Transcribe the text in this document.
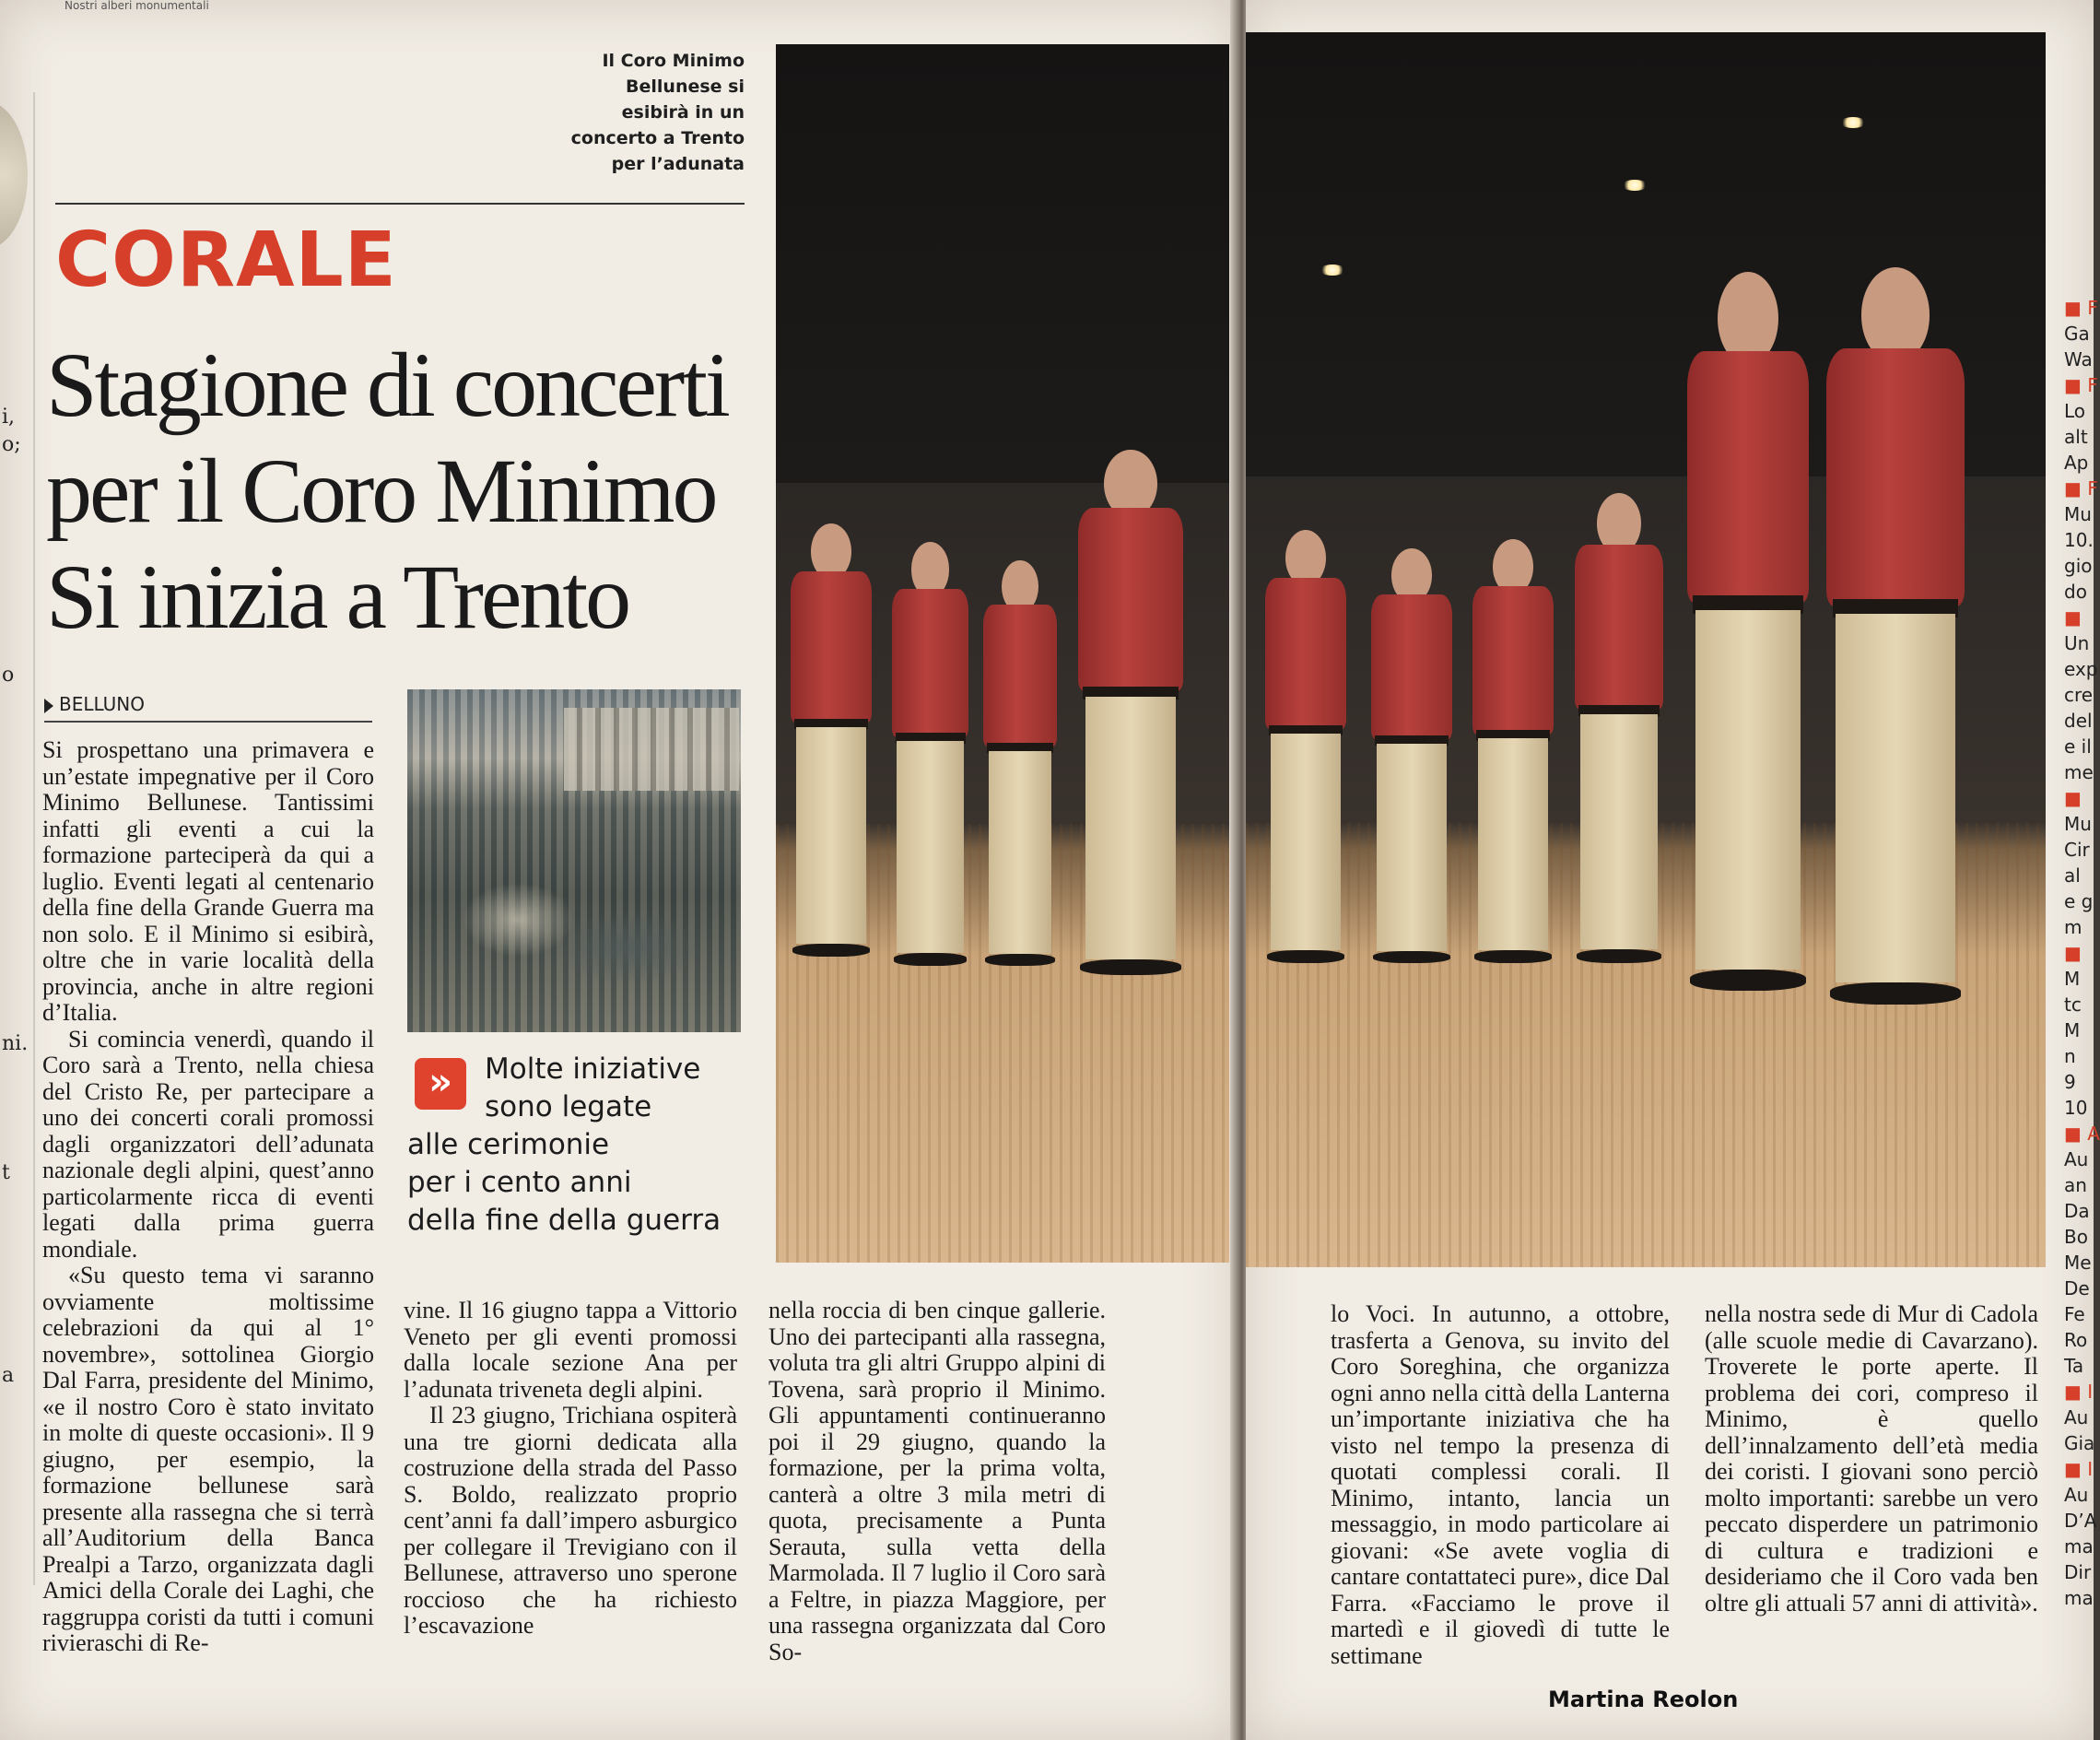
Nostri alberi monumentali
i,
o;
o
ni.
t
a
Il Coro Minimo
Bellunese si
esibirà in un
concerto a Trento
per l’adunata
CORALE
Stagione di concerti
per il Coro Minimo
Si inizia a Trento
BELLUNO

Si prospettano una primavera e un’estate impegnative per il Coro Minimo Bellunese. Tantissimi infatti gli eventi a cui la formazione parteciperà da qui a luglio. Eventi legati al centenario della fine della Grande Guerra ma non solo. E il Minimo si esibirà, oltre che in varie località della provincia, anche in altre regioni d’Italia.

Si comincia venerdì, quando il Coro sarà a Trento, nella chiesa del Cristo Re, per partecipare a uno dei concerti corali promossi dagli organizzatori dell’adunata nazionale degli alpini, quest’anno particolarmente ricca di eventi legati dalla prima guerra mondiale.

«Su questo tema vi saranno ovviamente moltissime celebrazioni da qui al 1° novembre», sottolinea Giorgio Dal Farra, presidente del Minimo, «e il nostro Coro è stato invitato in molte di queste occasioni». Il 9 giugno, per esempio, la formazione bellunese sarà presente alla rassegna che si terrà all’Auditorium della Banca Prealpi a Tarzo, organizzata dagli Amici della Corale dei Laghi, che raggruppa coristi da tutti i comuni rivieraschi di Re-

»	Molte iniziative
sono legate
alle cerimonie
per i cento anni
della fine della guerra

vine. Il 16 giugno tappa a Vittorio Veneto per gli eventi promossi dalla locale sezione Ana per l’adunata triveneta degli alpini.

Il 23 giugno, Trichiana ospiterà una tre giorni dedicata alla costruzione della strada del Passo S. Boldo, realizzato proprio cent’anni fa dall’impero asburgico per collegare il Trevigiano con il Bellunese, attraverso uno sperone roccioso che ha richiesto l’escavazione

nella roccia di ben cinque gallerie. Uno dei partecipanti alla rassegna, voluta tra gli altri Gruppo alpini di Tovena, sarà proprio il Minimo. Gli appuntamenti continueranno poi il 29 giugno, quando la formazione, per la prima volta, canterà a oltre 3 mila metri di quota, precisamente a Punta Serauta, sulla vetta della Marmolada. Il 7 luglio il Coro sarà a Feltre, in piazza Maggiore, per una rassegna organizzata dal Coro So-

lo Voci. In autunno, a ottobre, trasferta a Genova, su invito del Coro Soreghina, che organizza ogni anno nella città della Lanterna un’importante iniziativa che ha visto nel tempo la presenza di quotati complessi corali. Il Minimo, intanto, lancia un messaggio, in modo particolare ai giovani: «Se avete voglia di cantare contattateci pure», dice Dal Farra. «Facciamo le prove il martedì e il giovedì di tutte le settimane

nella nostra sede di Mur di Cadola (alle scuole medie di Cavarzano). Troverete le porte aperte. Il problema dei cori, compreso il Minimo, è quello dell’innalzamento dell’età media dei coristi. I giovani sono perciò molto importanti: sarebbe un vero peccato disperdere un patrimonio di cultura e tradizioni e desideriamo che il Coro vada ben oltre gli attuali 57 anni di attività».

Martina Reolon
■ F
Ga
Wa
■ F
Lo
alt
Ap
■ F
Mu
10.
gio
do
■
Un
exp
cre
del
e il
me
■
Mu
Cir
al
e g
m
■
M
tc
M
n
9
10
■ A
Au
an
Da
Bo
Me
De
Fe
Ro
Ta
■ I
Au
Gia
■ I
Au
D’A
ma
Dir
ma
